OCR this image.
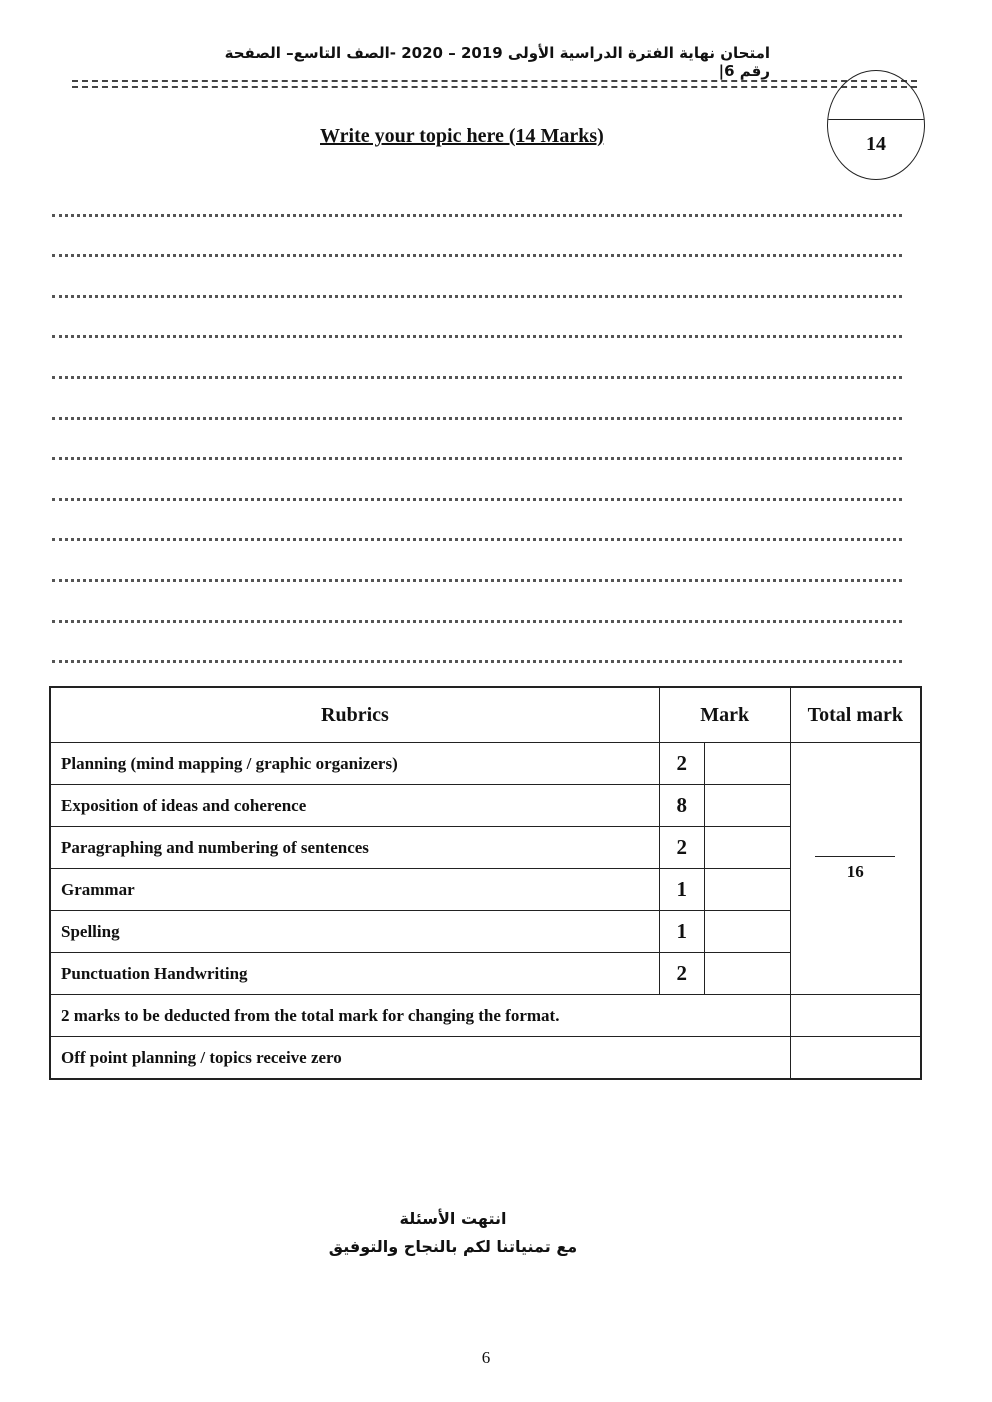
امتحان نهاية الفترة الدراسية الأولى 2019 – 2020 -الصف التاسع– الصفحة رقم 6|
14
Write your topic here (14 Marks)
Rubrics	Mark		Total mark
Planning (mind mapping / graphic organizers)	2		16

Exposition of ideas and coherence	8		
Paragraphing and numbering of sentences	2		
Grammar	1		
Spelling	1		
Punctuation Handwriting	2		
2 marks to be deducted from the total mark for changing the format.			
Off point planning / topics receive zero			
انتهت الأسئلة
مع تمنياتنا لكم بالنجاح والتوفيق
6
